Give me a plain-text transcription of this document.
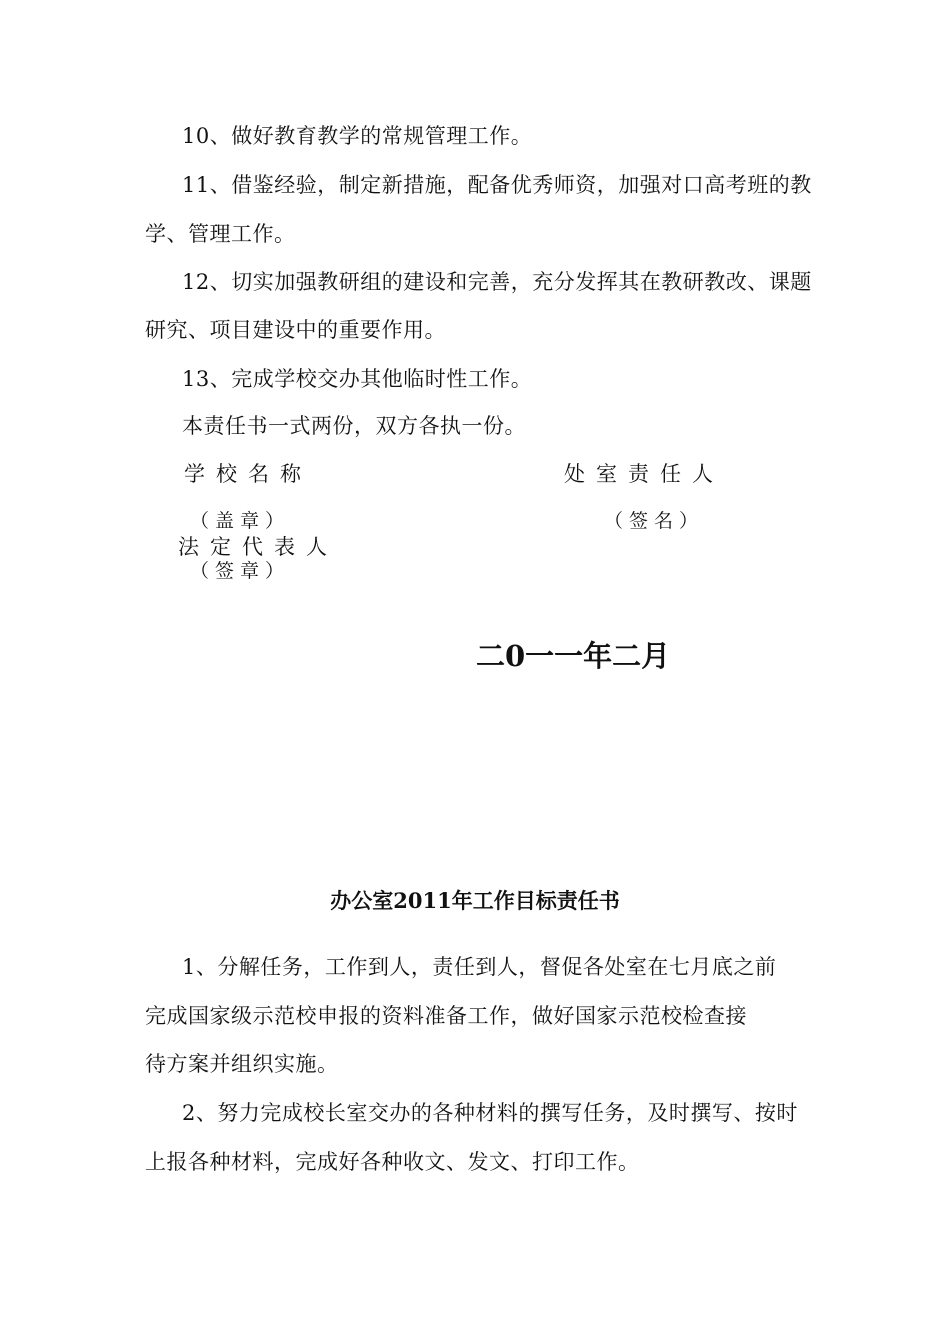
10、做好教育教学的常规管理工作。
11、借鉴经验，制定新措施，配备优秀师资，加强对口高考班的教
学、管理工作。
12、切实加强教研组的建设和完善，充分发挥其在教研教改、课题
研究、项目建设中的重要作用。
13、完成学校交办其他临时性工作。
本责任书一式两份，双方各执一份。
学校名称	处室责任人
（盖章）	（签名）
法定代表人
（签章）
二0一一年二月
办公室2011年工作目标责任书
1、分解任务，工作到人，责任到人，督促各处室在七月底之前
完成国家级示范校申报的资料准备工作，做好国家示范校检查接
待方案并组织实施。
2、努力完成校长室交办的各种材料的撰写任务，及时撰写、按时
上报各种材料，完成好各种收文、发文、打印工作。
